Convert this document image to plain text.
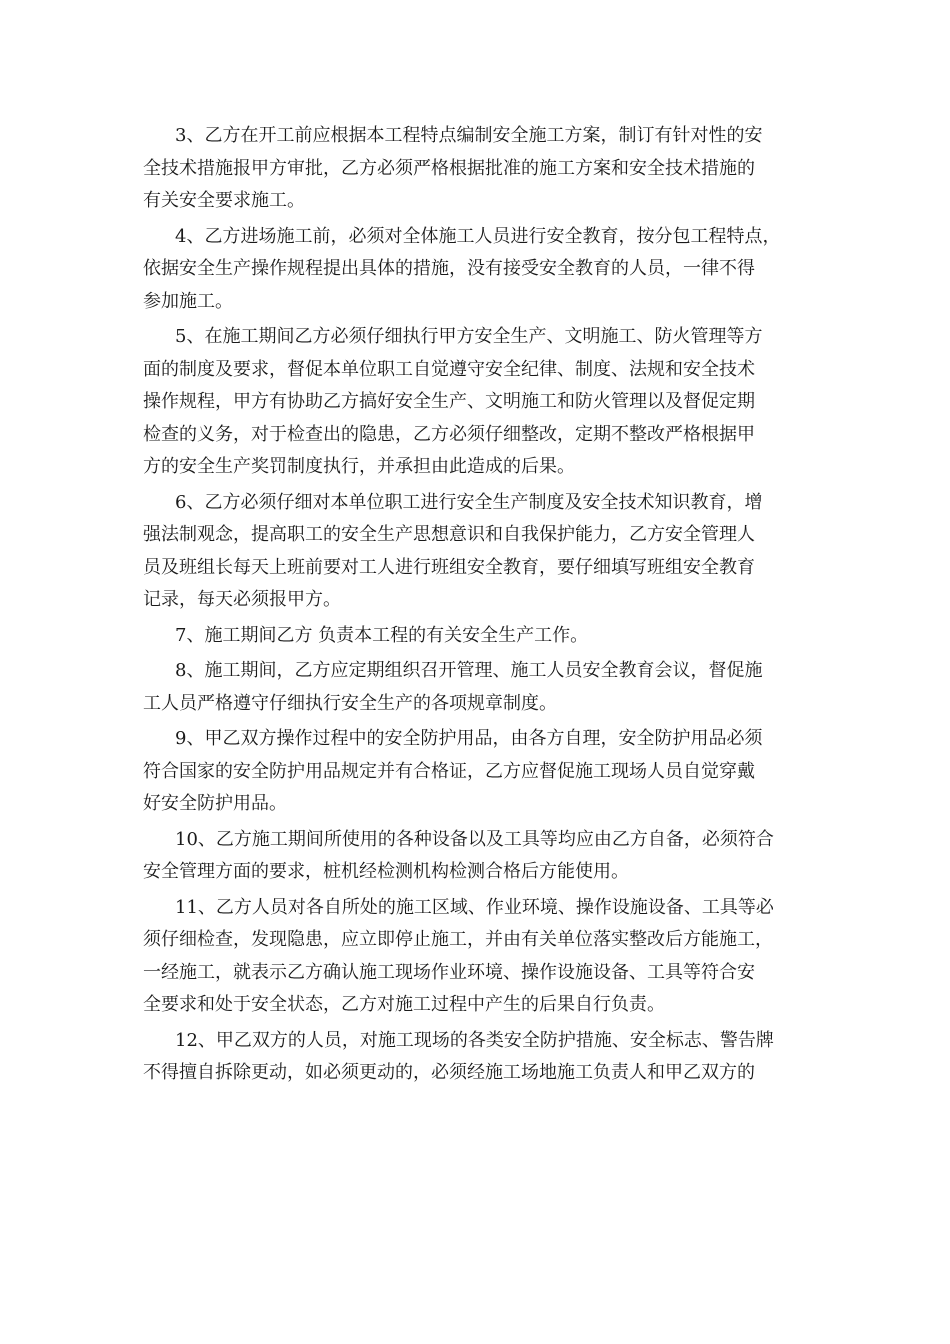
3、乙方在开工前应根据本工程特点编制安全施工方案，制订有针对性的安
全技术措施报甲方审批，乙方必须严格根据批准的施工方案和安全技术措施的
有关安全要求施工。

4、乙方进场施工前，必须对全体施工人员进行安全教育，按分包工程特点，
依据安全生产操作规程提出具体的措施，没有接受安全教育的人员，一律不得
参加施工。

5、在施工期间乙方必须仔细执行甲方安全生产、文明施工、防火管理等方
面的制度及要求，督促本单位职工自觉遵守安全纪律、制度、法规和安全技术
操作规程，甲方有协助乙方搞好安全生产、文明施工和防火管理以及督促定期
检查的义务，对于检查出的隐患，乙方必须仔细整改，定期不整改严格根据甲
方的安全生产奖罚制度执行，并承担由此造成的后果。

6、乙方必须仔细对本单位职工进行安全生产制度及安全技术知识教育，增
强法制观念，提高职工的安全生产思想意识和自我保护能力，乙方安全管理人
员及班组长每天上班前要对工人进行班组安全教育，要仔细填写班组安全教育
记录，每天必须报甲方。

7、施工期间乙方 负责本工程的有关安全生产工作。

8、施工期间，乙方应定期组织召开管理、施工人员安全教育会议，督促施
工人员严格遵守仔细执行安全生产的各项规章制度。

9、甲乙双方操作过程中的安全防护用品，由各方自理，安全防护用品必须
符合国家的安全防护用品规定并有合格证，乙方应督促施工现场人员自觉穿戴
好安全防护用品。

10、乙方施工期间所使用的各种设备以及工具等均应由乙方自备，必须符合
安全管理方面的要求，桩机经检测机构检测合格后方能使用。

11、乙方人员对各自所处的施工区域、作业环境、操作设施设备、工具等必
须仔细检查，发现隐患，应立即停止施工，并由有关单位落实整改后方能施工，
一经施工，就表示乙方确认施工现场作业环境、操作设施设备、工具等符合安
全要求和处于安全状态，乙方对施工过程中产生的后果自行负责。

12、甲乙双方的人员，对施工现场的各类安全防护措施、安全标志、警告牌
不得擅自拆除更动，如必须更动的，必须经施工场地施工负责人和甲乙双方的
